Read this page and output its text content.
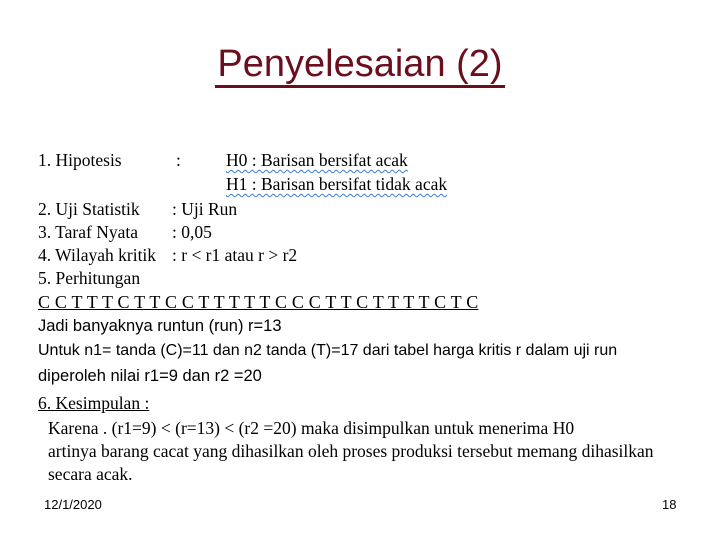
Penyelesaian (2)
1. Hipotesis	:	H0 : Barisan bersifat acak
H1 : Barisan bersifat tidak acak
2. Uji Statistik : Uji Run
3. Taraf Nyata : 0,05
4. Wilayah kritik : r < r1 atau r > r2
5. Perhitungan
C C T T T C T T C C T T T T T C C C T T C T T T T C T C
Jadi banyaknya runtun (run) r=13
Untuk n1= tanda (C)=11 dan n2 tanda (T)=17 dari tabel harga kritis r dalam uji run
diperoleh nilai r1=9 dan r2 =20
6. Kesimpulan :
Karena . (r1=9) < (r=13) < (r2 =20) maka disimpulkan untuk menerima H0
artinya barang cacat yang dihasilkan oleh proses produksi tersebut memang dihasilkan
secara acak.
12/1/2020	18
